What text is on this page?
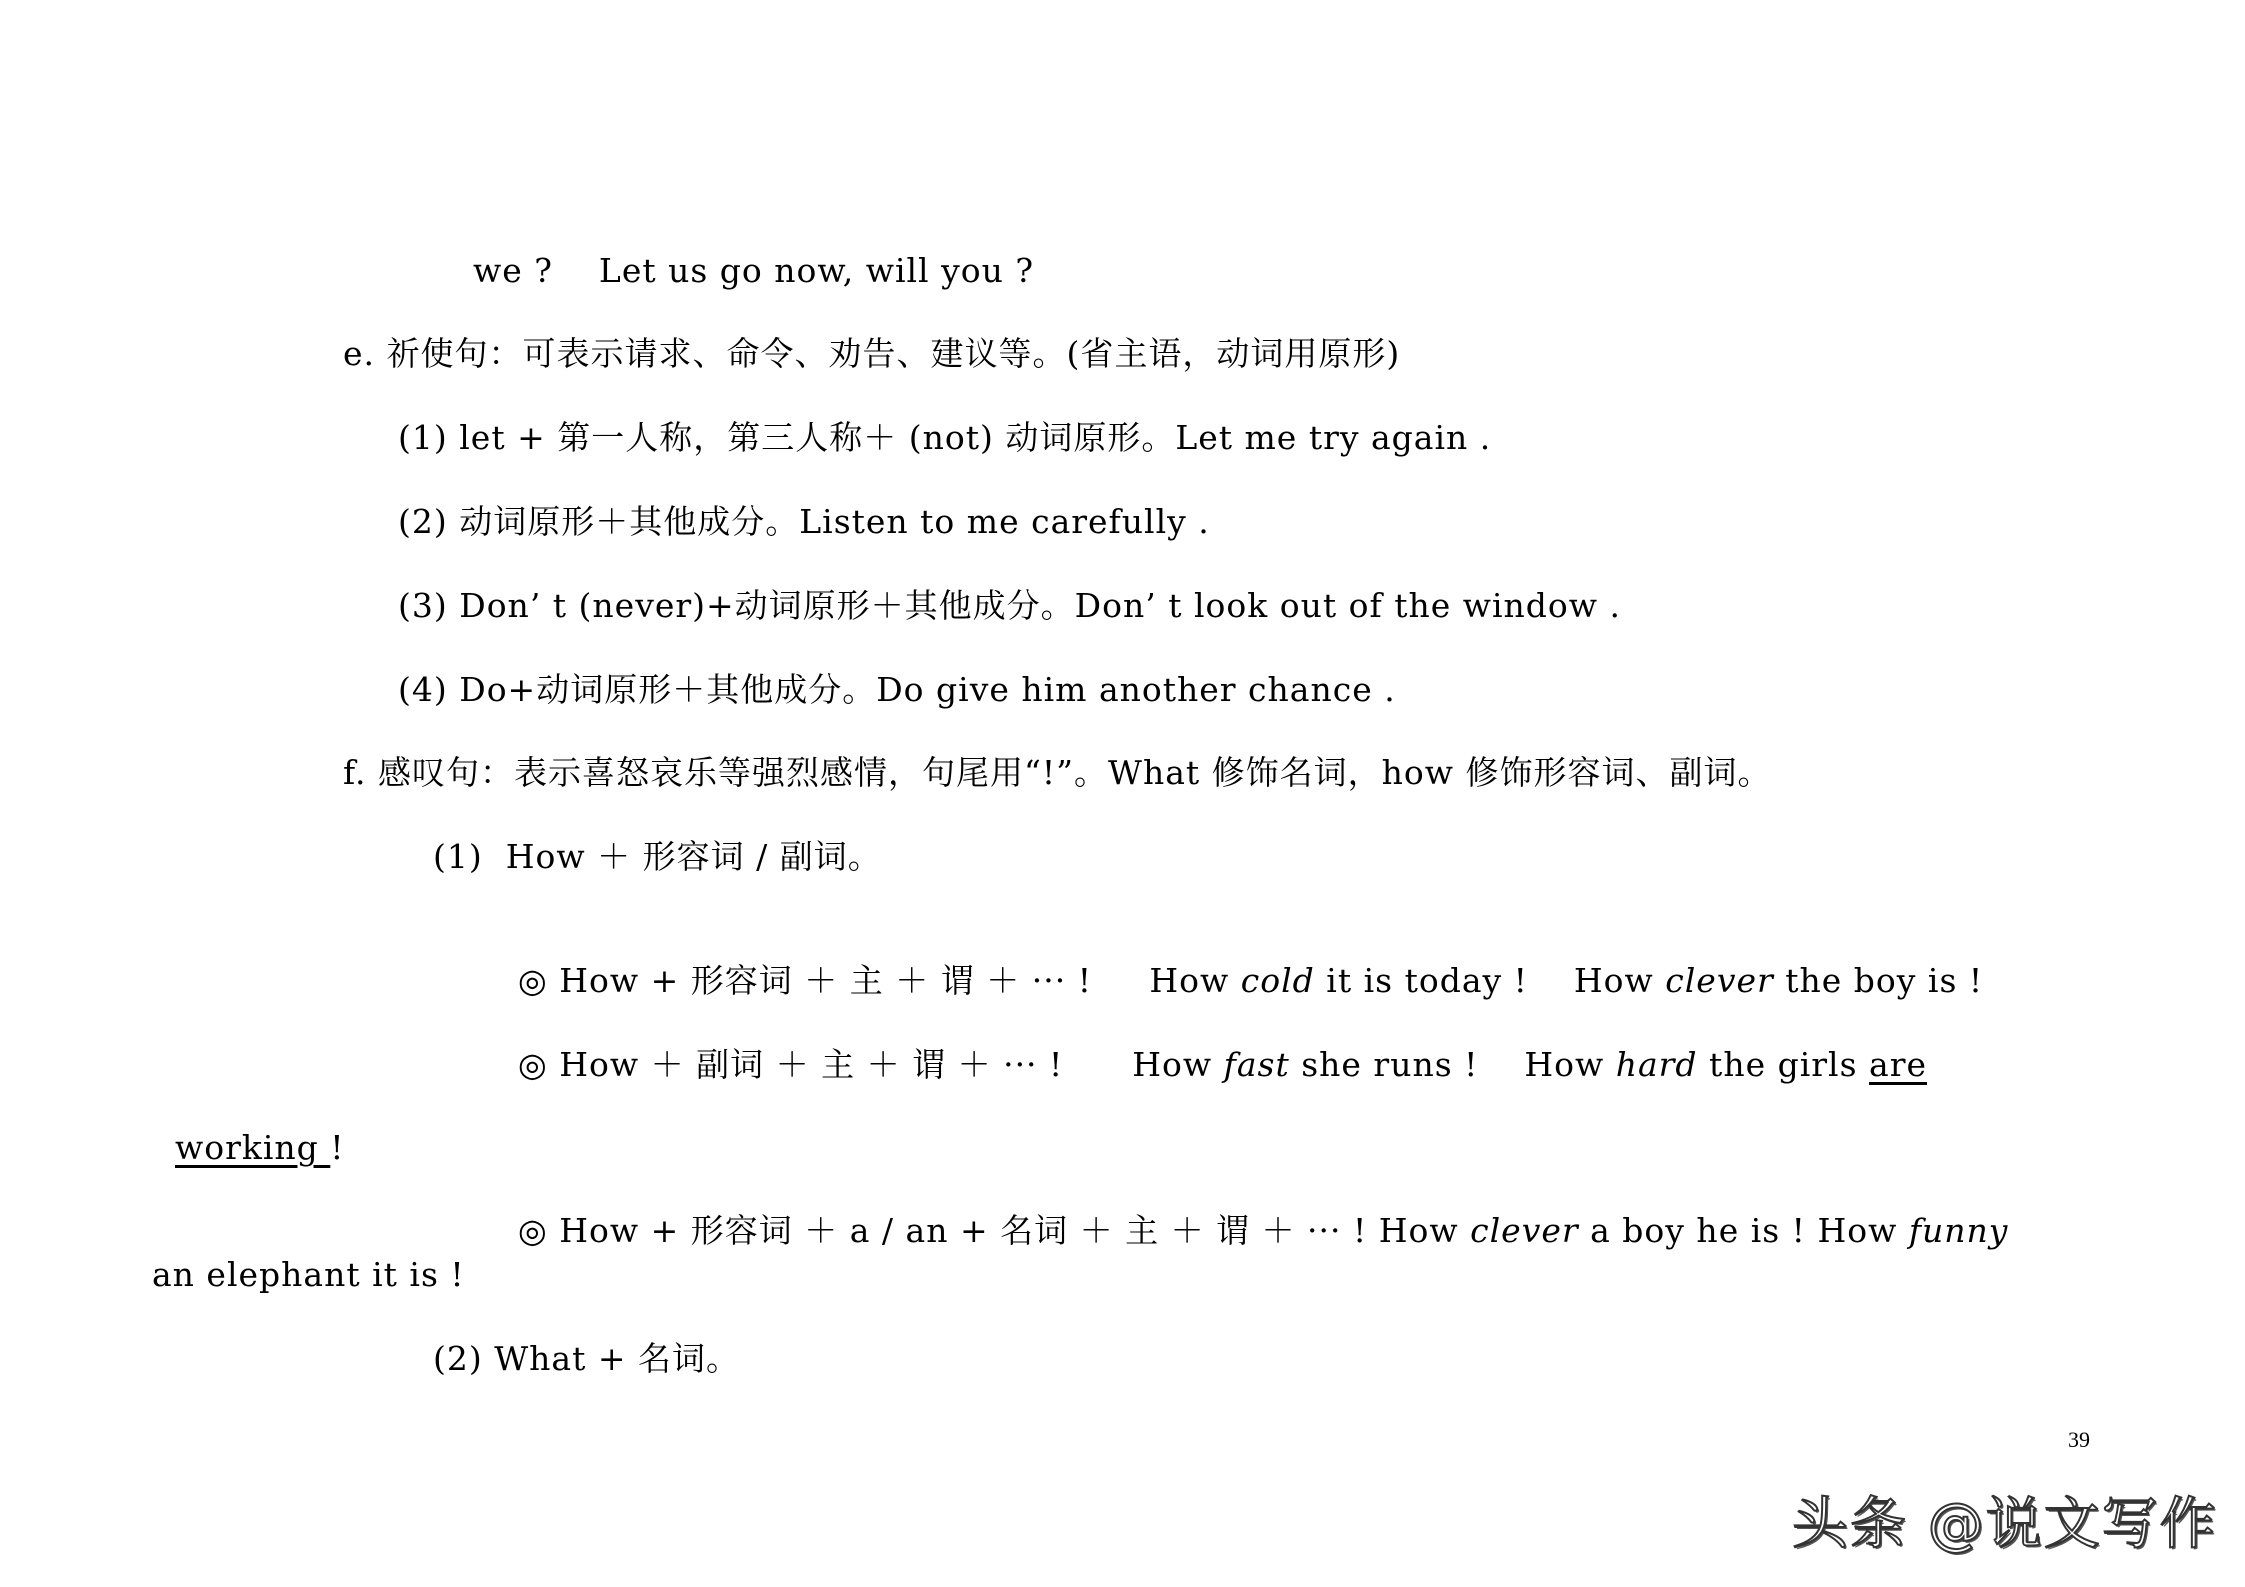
we ?    Let us go now, will you ?
e. 祈使句：可表示请求、命令、劝告、建议等。(省主语，动词用原形)
(1) let + 第一人称，第三人称＋ (not) 动词原形。Let me try again .
(2) 动词原形＋其他成分。Listen to me carefully .
(3) Don’ t (never)+动词原形＋其他成分。Don’ t look out of the window .
(4) Do+动词原形＋其他成分。Do give him another chance .
f. 感叹句：表示喜怒哀乐等强烈感情，句尾用“!”。What 修饰名词，how 修饰形容词、副词。
(1)  How ＋ 形容词 / 副词。

◎ How + 形容词 ＋ 主 ＋ 谓 ＋ ··· !     How cold it is today !    How clever the boy is !

◎ How ＋ 副词 ＋ 主 ＋ 谓 ＋ ··· !      How fast she runs !    How hard the girls are

working !

◎ How + 形容词 ＋ a / an + 名词 ＋ 主 ＋ 谓 ＋ ··· ! How clever a boy he is ! How funny

an elephant it is !
(2) What + 名词。
39
头条 @说文写作
